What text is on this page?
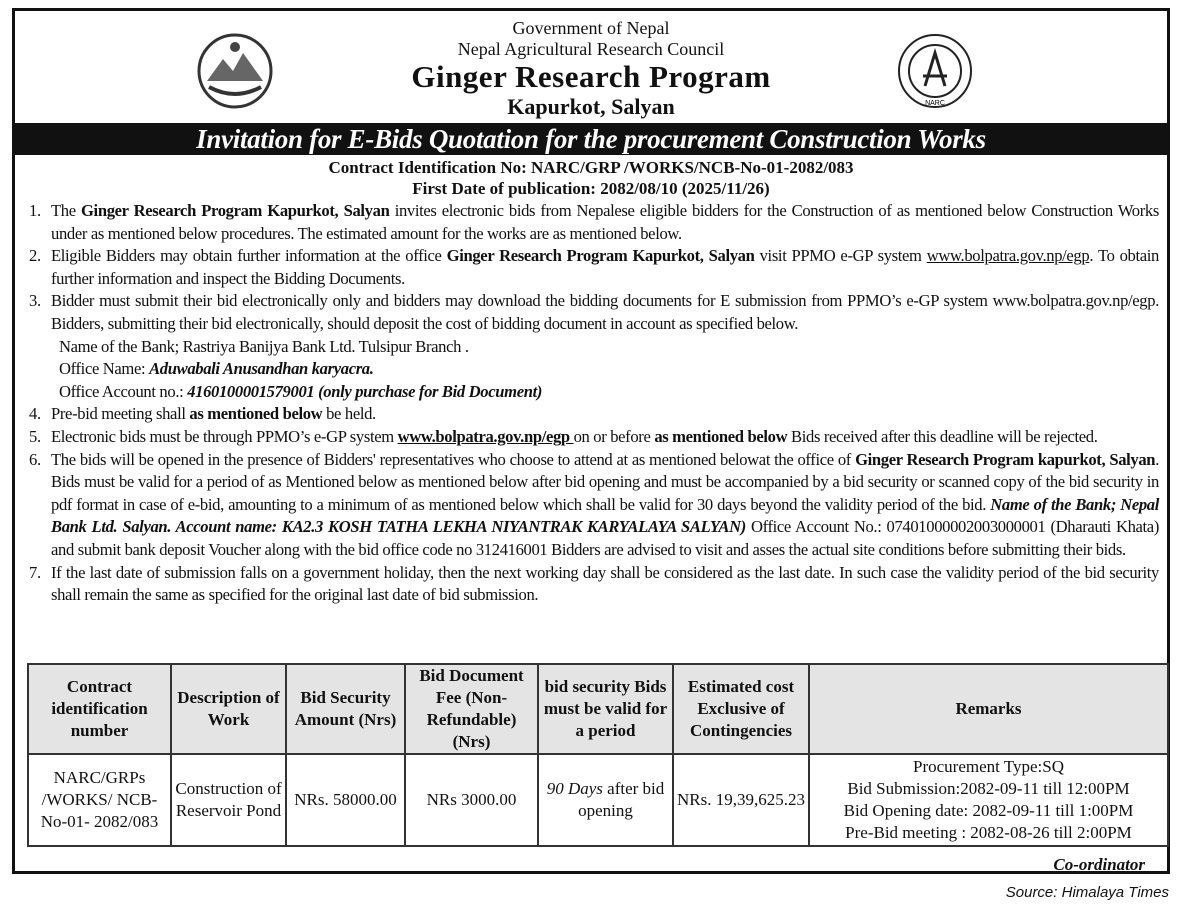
NARC
Government of Nepal
Nepal Agricultural Research Council
Ginger Research Program
Kapurkot, Salyan
Invitation for E-Bids Quotation for the procurement Construction Works
Contract Identification No: NARC/GRP /WORKS/NCB-No-01-2082/083
First Date of publication: 2082/08/10 (2025/11/26)
1. The Ginger Research Program Kapurkot, Salyan invites electronic bids from Nepalese eligible bidders for the Construction of as mentioned below Construction Works under as mentioned below procedures. The estimated amount for the works are as mentioned below.
2. Eligible Bidders may obtain further information at the office Ginger Research Program Kapurkot, Salyan visit PPMO e-GP system www.bolpatra.gov.np/egp. To obtain further information and inspect the Bidding Documents.
3. Bidder must submit their bid electronically only and bidders may download the bidding documents for E submission from PPMO’s e-GP system www.bolpatra.gov.np/egp. Bidders, submitting their bid electronically, should deposit the cost of bidding document in account as specified below.
Name of the Bank; Rastriya Banijya Bank Ltd. Tulsipur Branch .
Office Name: Aduwabali Anusandhan karyacra.
Office Account no.: 4160100001579001 (only purchase for Bid Document)
4. Pre-bid meeting shall as mentioned below be held.
5. Electronic bids must be through PPMO’s e-GP system www.bolpatra.gov.np/egp on or before as mentioned below Bids received after this deadline will be rejected.
6. The bids will be opened in the presence of Bidders' representatives who choose to attend at as mentioned belowat the office of Ginger Research Program kapurkot, Salyan. Bids must be valid for a period of as Mentioned below as mentioned below after bid opening and must be accompanied by a bid security or scanned copy of the bid security in pdf format in case of e-bid, amounting to a minimum of as mentioned below which shall be valid for 30 days beyond the validity period of the bid. Name of the Bank; Nepal Bank Ltd. Salyan. Account name: KA2.3 KOSH TATHA LEKHA NIYANTRAK KARYALAYA SALYAN) Office Account No.: 07401000002003000001 (Dharauti Khata) and submit bank deposit Voucher along with the bid office code no 312416001 Bidders are advised to visit and asses the actual site conditions before submitting their bids.
7. If the last date of submission falls on a government holiday, then the next working day shall be considered as the last date. In such case the validity period of the bid security shall remain the same as specified for the original last date of bid submission.
Contract identification number	Description of Work	Bid Security Amount (Nrs)	Bid Document Fee (Non-Refundable) (Nrs)	bid security Bids must be valid for a period	Estimated cost Exclusive of Contingencies	Remarks
NARC/GRPs /WORKS/ NCB-No-01- 2082/083	Construction of Reservoir Pond	NRs. 58000.00	NRs 3000.00	90 Days after bid opening	NRs. 19,39,625.23	Procurement Type:SQ
Bid Submission:2082-09-11 till 12:00PM
Bid Opening date: 2082-09-11 till 1:00PM
Pre-Bid meeting : 2082-08-26 till 2:00PM
Co-ordinator
Source: Himalaya Times
